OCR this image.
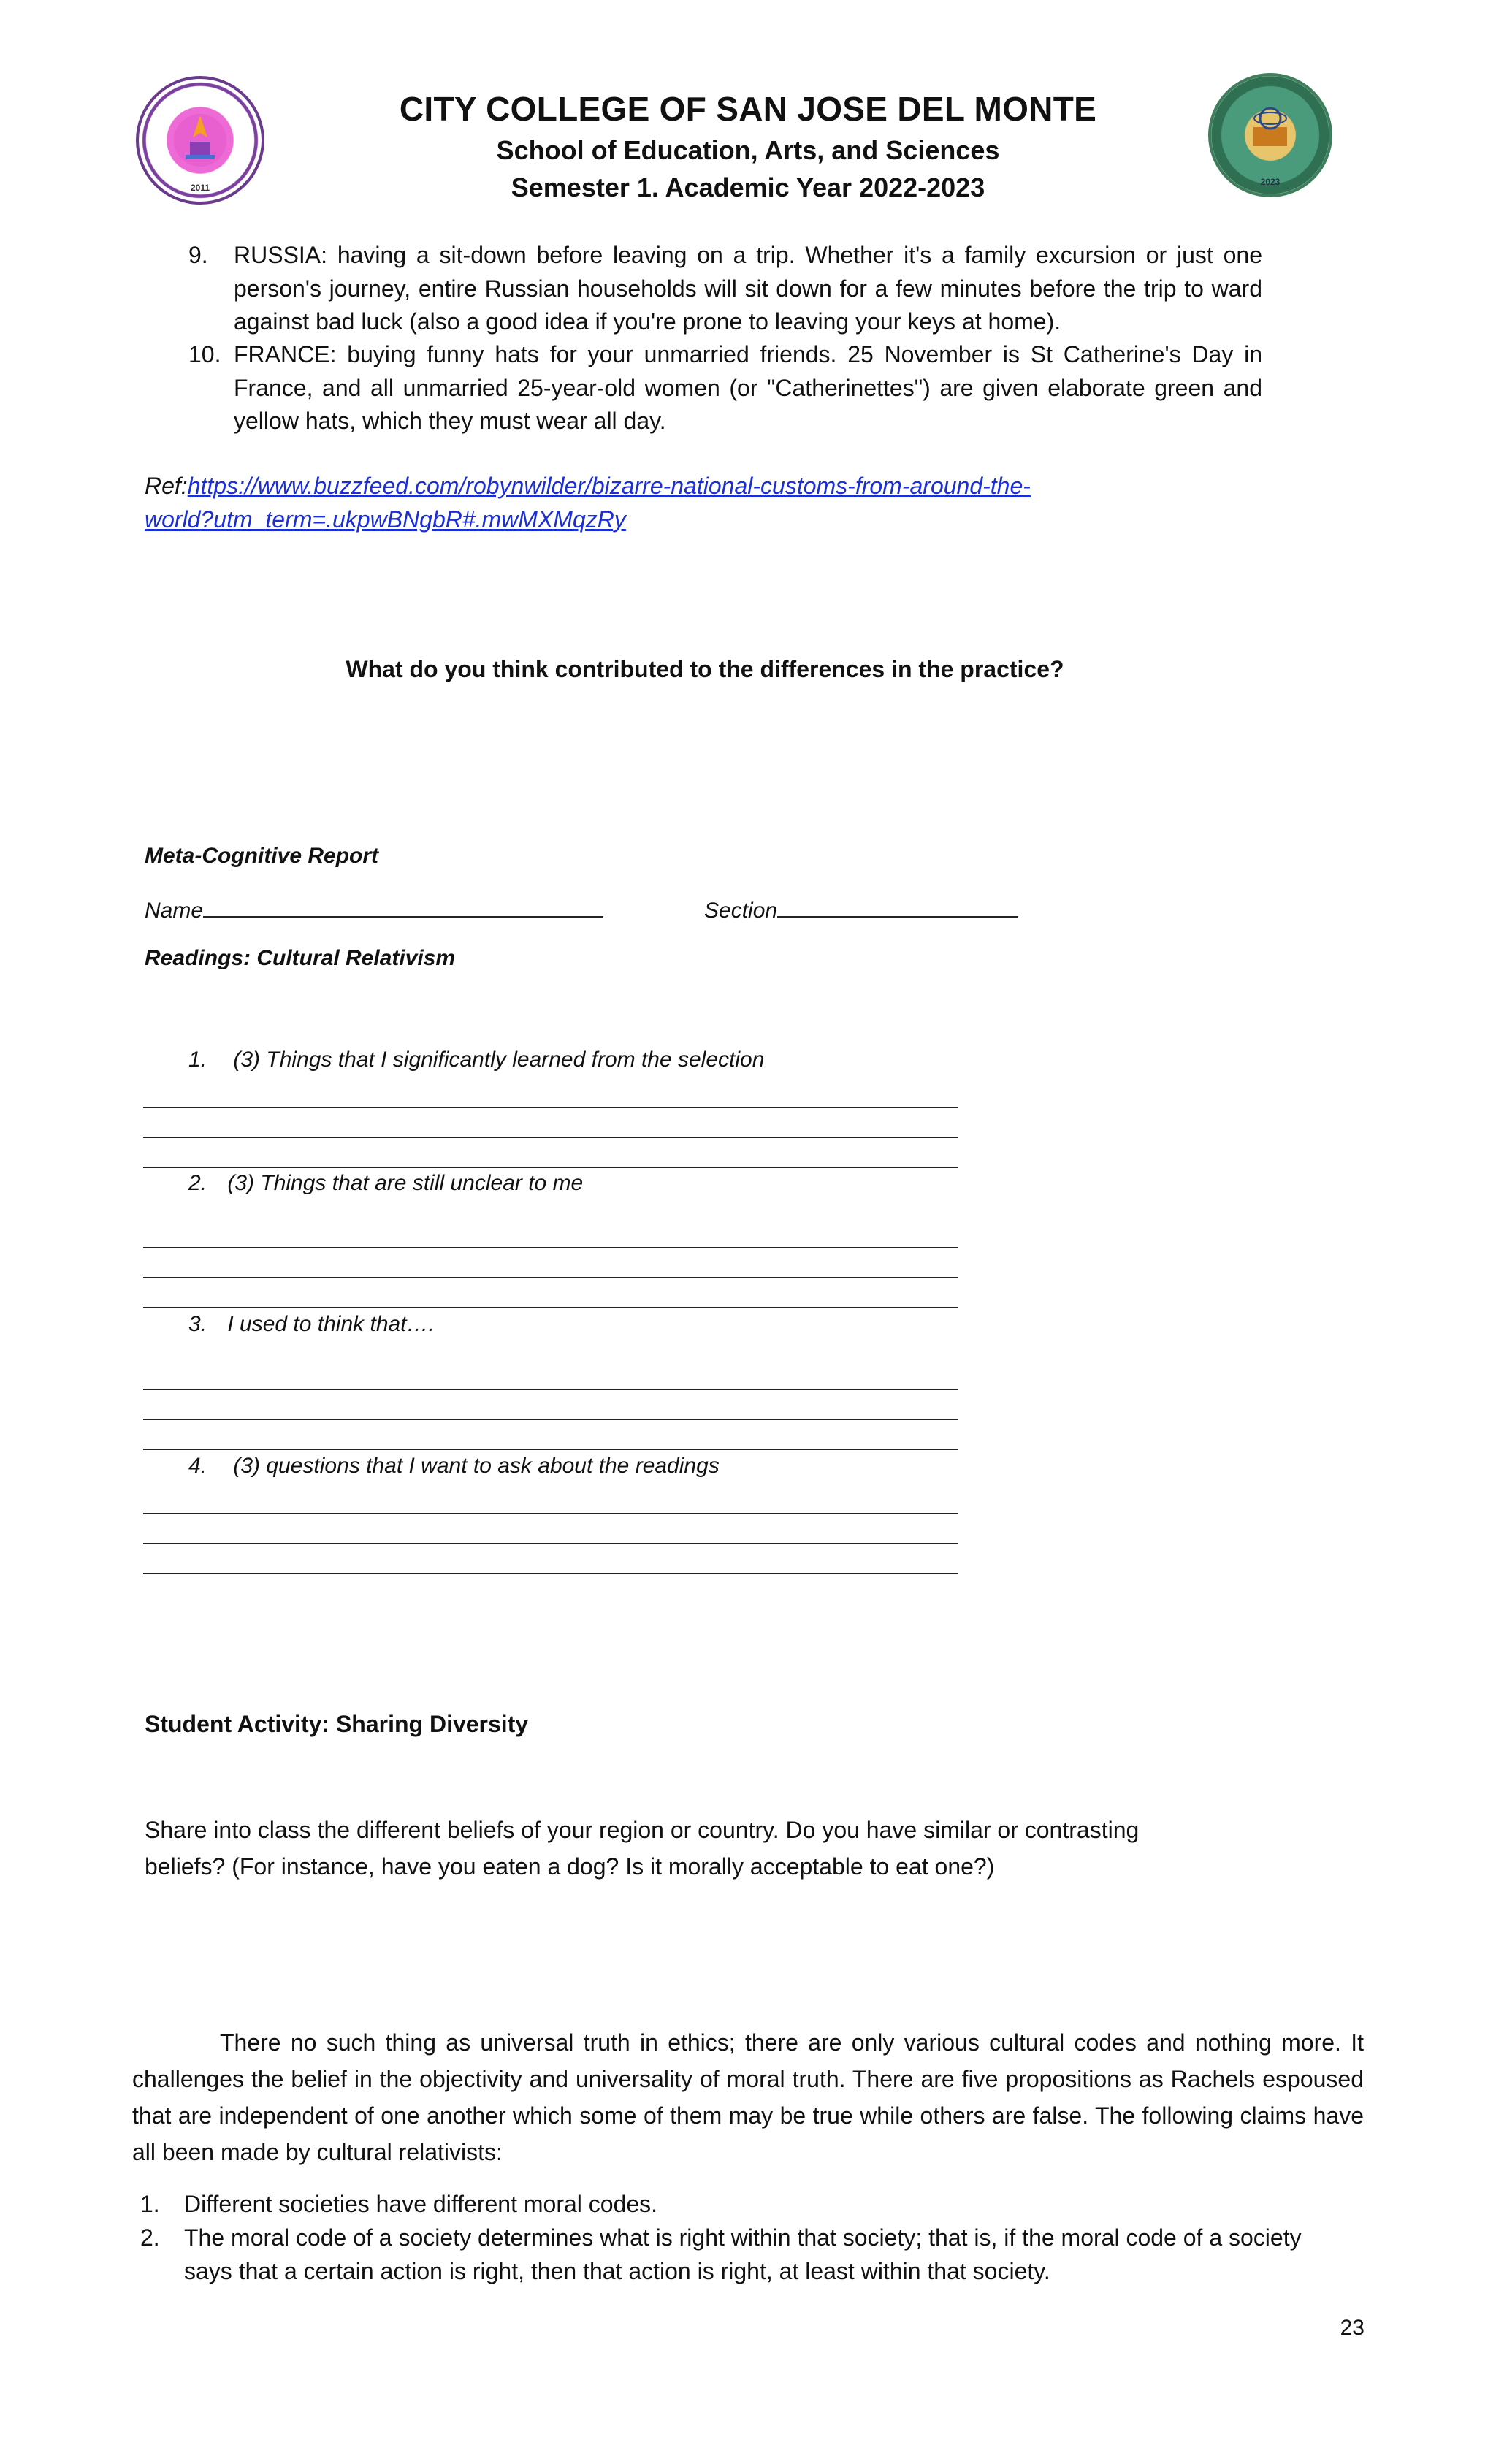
2011
2023
CITY COLLEGE OF SAN JOSE DEL MONTE
School of Education, Arts, and Sciences
Semester 1. Academic Year 2022-2023
9. RUSSIA: having a sit-down before leaving on a trip. Whether it's a family excursion or just one person's journey, entire Russian households will sit down for a few minutes before the trip to ward against bad luck (also a good idea if you're prone to leaving your keys at home).
10. FRANCE: buying funny hats for your unmarried friends. 25 November is St Catherine's Day in France, and all unmarried 25-year-old women (or "Catherinettes") are given elaborate green and yellow hats, which they must wear all day.
Ref:https://www.buzzfeed.com/robynwilder/bizarre-national-customs-from-around-the-
world?utm_term=.ukpwBNgbR#.mwMXMqzRy
What do you think contributed to the differences in the practice?
Meta-Cognitive Report
Name	Section
Readings: Cultural Relativism
1. (3) Things that I significantly learned from the selection
2. (3) Things that are still unclear to me
3. I used to think that….
4. (3) questions that I want to ask about the readings
Student Activity: Sharing Diversity
Share into class the different beliefs of your region or country. Do you have similar or contrasting
beliefs? (For instance, have you eaten a dog? Is it morally acceptable to eat one?)
There no such thing as universal truth in ethics; there are only various cultural codes and nothing more. It challenges the belief in the objectivity and universality of moral truth. There are five propositions as Rachels espoused that are independent of one another which some of them may be true while others are false. The following claims have all been made by cultural relativists:
1. Different societies have different moral codes.
2. The moral code of a society determines what is right within that society; that is, if the moral code of a society says that a certain action is right, then that action is right, at least within that society.
23
